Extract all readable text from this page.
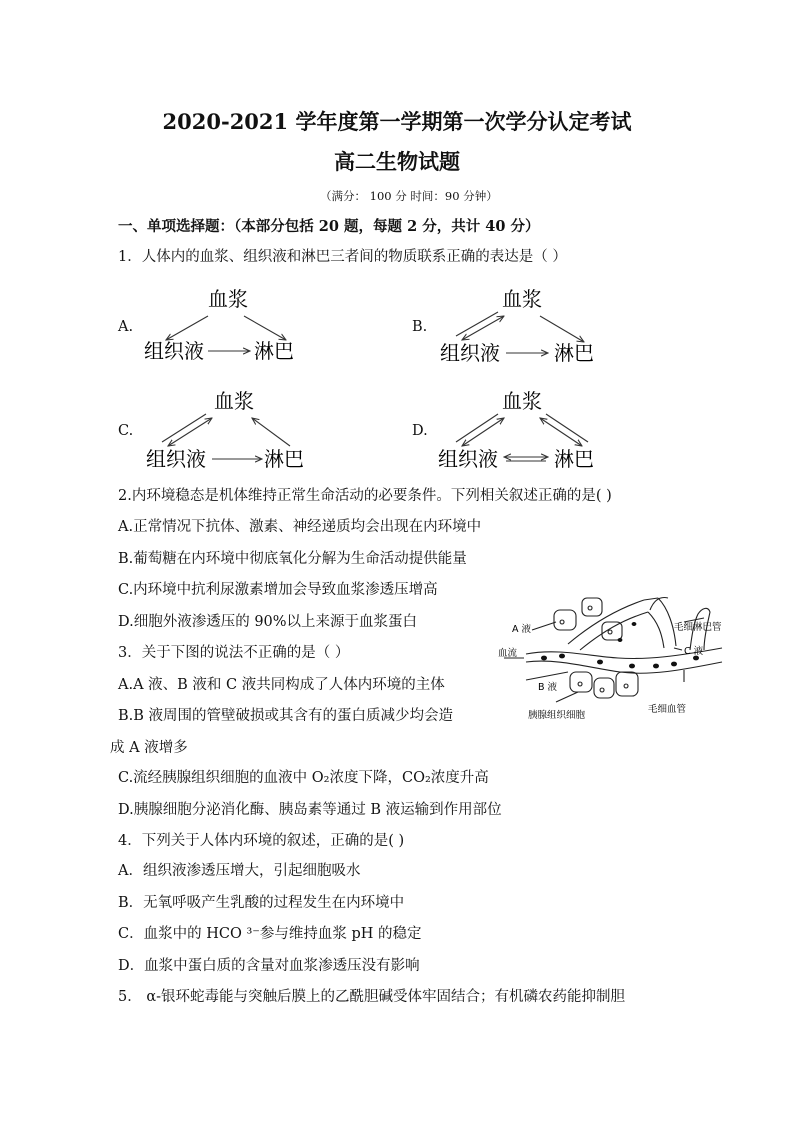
2020-2021 学年度第一学期第一次学分认定考试
高二生物试题
（满分： 100 分 时间：90 分钟）
一、单项选择题：（本部分包括 20 题，每题 2 分，共计 40 分）
1．人体内的血浆、组织液和淋巴三者间的物质联系正确的表达是（ ）
A.
血浆
组织液	淋巴
B.
血浆
组织液	淋巴
C.
血浆
组织液	淋巴
D.
血浆
组织液	淋巴
2.内环境稳态是机体维持正常生命活动的必要条件。下列相关叙述正确的是( )
A.正常情况下抗体、激素、神经递质均会出现在内环境中
B.葡萄糖在内环境中彻底氧化分解为生命活动提供能量
C.内环境中抗利尿激素增加会导致血浆渗透压增高
D.细胞外液渗透压的 90%以上来源于血浆蛋白
3．关于下图的说法不正确的是（ ）
A.A 液、B 液和 C 液共同构成了人体内环境的主体
B.B 液周围的管壁破损或其含有的蛋白质减少均会造
成 A 液增多
C.流经胰腺组织细胞的血液中 O₂浓度下降，CO₂浓度升高
D.胰腺细胞分泌消化酶、胰岛素等通过 B 液运输到作用部位
A 液
血流
B 液
胰腺组织细胞
毛细淋巴管
C 液
毛细血管
4．下列关于人体内环境的叙述，正确的是( )
A．组织液渗透压增大，引起细胞吸水
B．无氧呼吸产生乳酸的过程发生在内环境中
C．血浆中的 HCO ³⁻参与维持血浆 pH 的稳定
D．血浆中蛋白质的含量对血浆渗透压没有影响
5． α-银环蛇毒能与突触后膜上的乙酰胆碱受体牢固结合；有机磷农药能抑制胆
